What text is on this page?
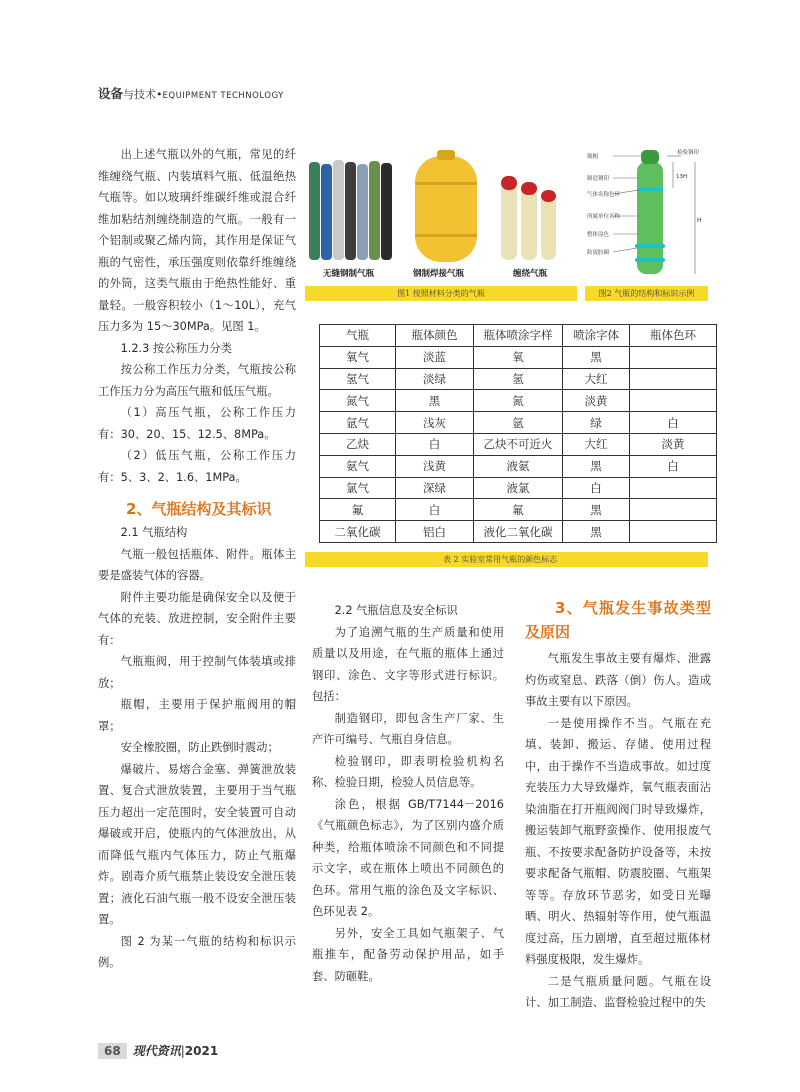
设备与技术•EQUIPMENT TECHNOLOGY

出上述气瓶以外的气瓶，常见的纤维缠绕气瓶、内装填料气瓶、低温绝热气瓶等。如以玻璃纤维碳纤维或混合纤维加粘结剂缠绕制造的气瓶。一般有一个铝制或聚乙烯内筒，其作用是保证气瓶的气密性，承压强度则依靠纤维缠绕的外筒，这类气瓶由于绝热性能好、重量轻。一般容积较小（1～10L），充气压力多为 15～30MPa。见图 1。

1.2.3 按公称压力分类

按公称工作压力分类，气瓶按公称工作压力分为高压气瓶和低压气瓶。

（1）高压气瓶，公称工作压力有：30、20、15、12.5、8MPa。

（2）低压气瓶，公称工作压力有：5、3、2、1.6、1MPa。

2、气瓶结构及其标识

2.1 气瓶结构

气瓶一般包括瓶体、附件。瓶体主要是盛装气体的容器。

附件主要功能是确保安全以及便于气体的充装、放进控制，安全附件主要有：

气瓶瓶阀，用于控制气体装填或排放；

瓶帽，主要用于保护瓶阀用的帽罩；

安全橡胶圈，防止跌倒时震动；

爆破片、易熔合金塞、弹簧泄放装置、复合式泄放装置，主要用于当气瓶压力超出一定范围时，安全装置可自动爆破或开启，使瓶内的气体泄放出，从而降低气瓶内气体压力，防止气瓶爆炸。剧毒介质气瓶禁止装设安全泄压装置；液化石油气瓶一般不设安全泄压装置。

图 2 为某一气瓶的结构和标识示例。

无缝钢制气瓶	钢制焊接气瓶	缠绕气瓶
图1 按照材料分类的气瓶
瓶帽
制造钢印
气体名称色环
所属单位名称
整体涂色
防震胶圈
检验钢印
13H
H
图2 气瓶的结构和标识示例
气瓶	瓶体颜色	瓶体喷涂字样	喷涂字体	瓶体色环
氧气	淡蓝	氧	黑	
氢气	淡绿	氢	大红	
氮气	黑	氮	淡黄	
氩气	浅灰	氩	绿	白
乙炔	白	乙炔不可近火	大红	淡黄
氨气	浅黄	液氨	黑	白
氯气	深绿	液氯	白	
氟	白	氟	黑	
二氧化碳	铝白	液化二氧化碳	黑	
表 2 实验室常用气瓶的颜色标志

2.2 气瓶信息及安全标识

为了追溯气瓶的生产质量和使用质量以及用途，在气瓶的瓶体上通过钢印、涂色、文字等形式进行标识。包括：

制造钢印，即包含生产厂家、生产许可编号、气瓶自身信息。

检验钢印，即表明检验机构名称、检验日期，检验人员信息等。

涂色，根据 GB/T7144－2016《气瓶颜色标志》，为了区别内盛介质种类，给瓶体喷涂不同颜色和不同提示文字，或在瓶体上喷出不同颜色的色环。常用气瓶的涂色及文字标识、色环见表 2。

另外，安全工具如气瓶架子、气瓶推车，配备劳动保护用品，如手套、防砸鞋。

3、气瓶发生事故类型及原因

气瓶发生事故主要有爆炸、泄露灼伤或窒息、跌落（倒）伤人。造成事故主要有以下原因。

一是使用操作不当。气瓶在充填、装卸、搬运、存储、使用过程中，由于操作不当造成事故。如过度充装压力大导致爆炸，氧气瓶表面沾染油脂在打开瓶阀阀门时导致爆炸，搬运装卸气瓶野蛮操作、使用报废气瓶、不按要求配备防护设备等，未按要求配备气瓶帽、防震胶圈、气瓶架等等。存放环节恶劣，如受日光曝晒、明火、热辐射等作用，使气瓶温度过高，压力剧增，直至超过瓶体材料强度极限，发生爆炸。

二是气瓶质量问题。气瓶在设计、加工制造、监督检验过程中的失

68	现代资讯 | 2021
